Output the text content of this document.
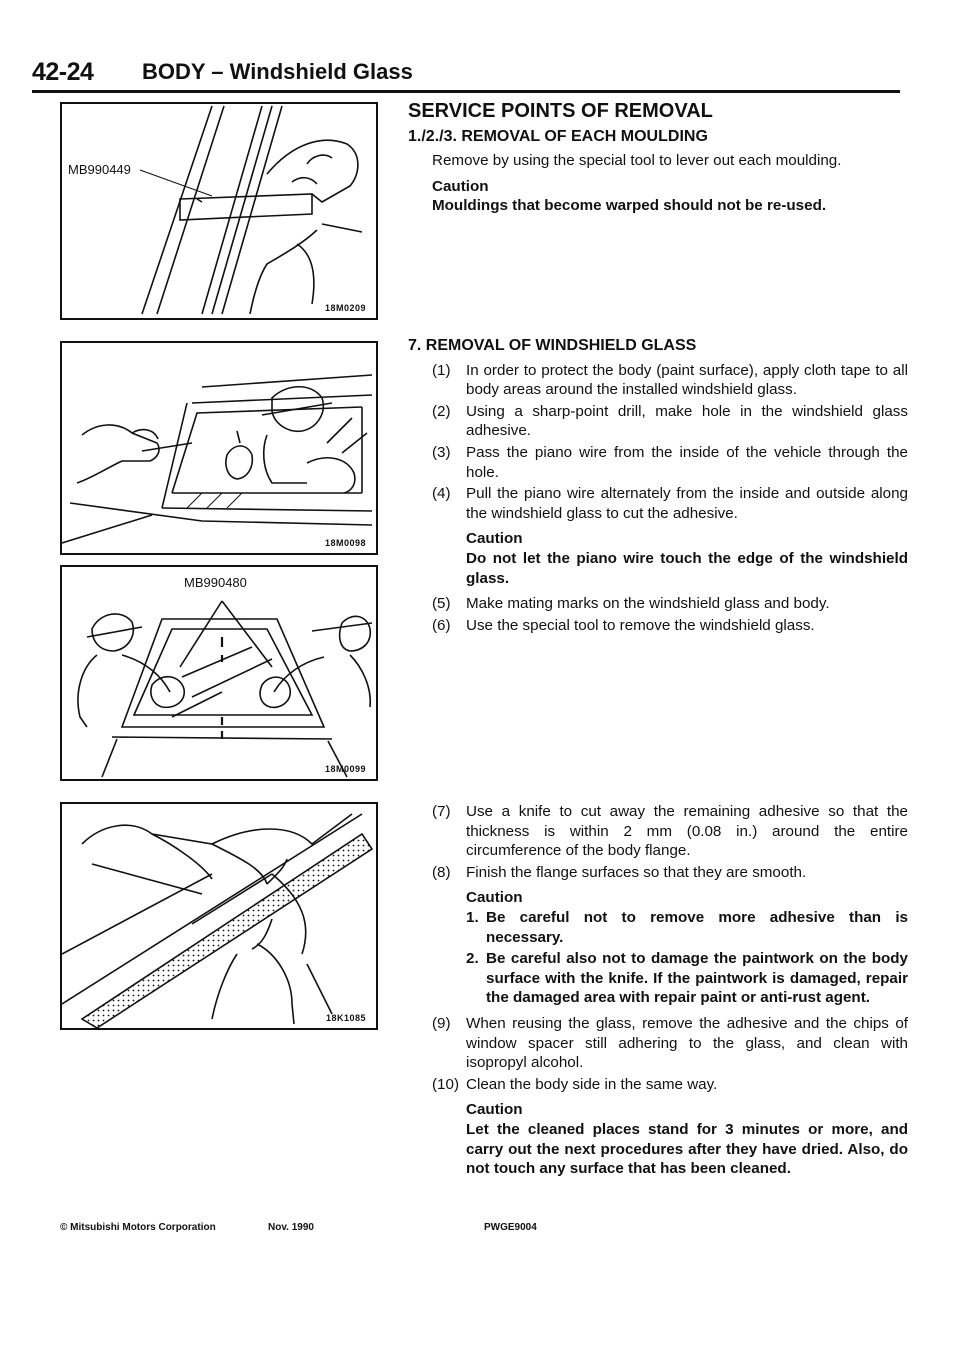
42-24 BODY – Windshield Glass
MB990449
18M0209
18M0098
MB990480
18M0099
18K1085
SERVICE POINTS OF REMOVAL
1./2./3. REMOVAL OF EACH MOULDING
Remove by using the special tool to lever out each moulding.
Caution
Mouldings that become warped should not be re-used.
7. REMOVAL OF WINDSHIELD GLASS
(1) In order to protect the body (paint surface), apply cloth tape to all body areas around the installed windshield glass.
(2) Using a sharp-point drill, make hole in the windshield glass adhesive.
(3) Pass the piano wire from the inside of the vehicle through the hole.
(4) Pull the piano wire alternately from the inside and outside along the windshield glass to cut the adhesive.
Caution
Do not let the piano wire touch the edge of the windshield glass.
(5) Make mating marks on the windshield glass and body.
(6) Use the special tool to remove the windshield glass.
(7) Use a knife to cut away the remaining adhesive so that the thickness is within 2 mm (0.08 in.) around the entire circumference of the body flange.
(8) Finish the flange surfaces so that they are smooth.
Caution
1. Be careful not to remove more adhesive than is necessary.
2. Be careful also not to damage the paintwork on the body surface with the knife. If the paintwork is damaged, repair the damaged area with repair paint or anti-rust agent.
(9) When reusing the glass, remove the adhesive and the chips of window spacer still adhering to the glass, and clean with isopropyl alcohol.
(10) Clean the body side in the same way.
Caution
Let the cleaned places stand for 3 minutes or more, and carry out the next procedures after they have dried. Also, do not touch any surface that has been cleaned.
© Mitsubishi Motors Corporation	Nov. 1990	PWGE9004
